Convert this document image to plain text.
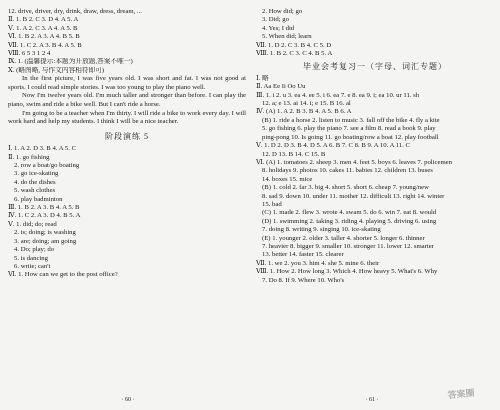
12. drive, driver, dry, drink, draw, dress, dream, ...
Ⅱ. 1. B 2. C 3. D 4. A 5. A
Ⅴ. 1. A 2. C 3. A 4. A 5. B
Ⅵ. 1. B 2. A 3. A 4. B 5. B
Ⅶ. 1. C 2. A 3. B 4. A 5. B
Ⅷ. 6 5 3 1 2 4
Ⅸ. 1. (温馨提示:本题为开放题,答案不唯一)
Ⅹ. (略图略, 与作文内容相符即可)
In the first picture, I was five years old. I was short and fat. I was not good at sports. I could read simple stories. I was too young to play the piano well.
Now I'm twelve years old. I'm much taller and stronger than before. I can play the piano, swim and ride a bike well. But I can't ride a horse.
I'm going to be a teacher when I'm thirty. I will ride a bike to work every day. I will work hard and help my students. I think I will be a nice teacher.
阶段演练 5
Ⅰ. 1. A 2. D 3. B 4. A 5. C
Ⅱ. 1. go fishing
2. row a boat/go boating
3. go ice-skating
4. do the dishes
5. wash clothes
6. play badminton
Ⅲ. 1. B 2. A 3. B 4. A 5. B
Ⅳ. 1. C 2. A 3. D 4. B 5. A
Ⅴ. 1. did; do; read
2. is; doing; is washing
3. are; doing; am going
4. Do; play; do
5. is dancing
6. write; can't
Ⅵ. 1. How can we get to the post office?
· 60 ·
2. How did; go
3. Did; go
4. Yes; I did
5. When did; learn
Ⅶ. 1. D 2. C 3. B 4. C 5. D
Ⅷ. 1. B 2. C 3. C 4. B 5. A
毕业会考复习一（字母、词汇专题）
Ⅰ. 略
Ⅱ. Aa Ee Ii Oo Uu
Ⅲ. 1. i 2. u 3. ea 4. ee 5. i 6. ea 7. e 8. ea 9. i; ea 10. ur 11. sh
12. a; e 13. ai 14. i; e 15. B 16. al
Ⅳ. (A) 1. A 2. B 3. B 4. A 5. B 6. A
(B) 1. ride a horse 2. listen to music 3. fall off the bike 4. fly a kite
5. go fishing 6. play the piano 7. see a film 8. read a book 9. play
ping-pong 10. Is going 11. go boating/row a boat 12. play football
Ⅴ. 1. D 2. D 3. B 4. D 5. A 6. B 7. C 8. B 9. A 10. A 11. C
12. D 13. B 14. C 15. B
Ⅵ. (A) 1. tomatoes 2. sheep 3. men 4. feet 5. boys 6. leaves 7. policemen
8. holidays 9. photos 10. cakes 11. babies 12. children 13. buses
14. boxes 15. mice
(B) 1. cold 2. far 3. big 4. short 5. short 6. cheap 7. young/new
8. sad 9. down 10. under 11. mother 12. difficult 13. right 14. winter
15. bad
(C) 1. made 2. flew 3. wrote 4. swam 5. do 6. win 7. eat 8. would
(D) 1. swimming 2. taking 3. riding 4. playing 5. driving 6. using
7. doing 8. writing 9. singing 10. ice-skating
(E) 1. younger 2. older 3. taller 4. shorter 5. longer 6. thinner
7. heavier 8. bigger 9. smaller 10. stronger 11. lower 12. smarter
13. better 14. faster 15. clearer
Ⅶ. 1. we 2. you 3. him 4. she 5. mine 6. their
Ⅷ. 1. How 2. How long 3. Which 4. How heavy 5. What's 6. Why
7. Do 8. If 9. Where 10. Who's
· 61 ·	答案圈
